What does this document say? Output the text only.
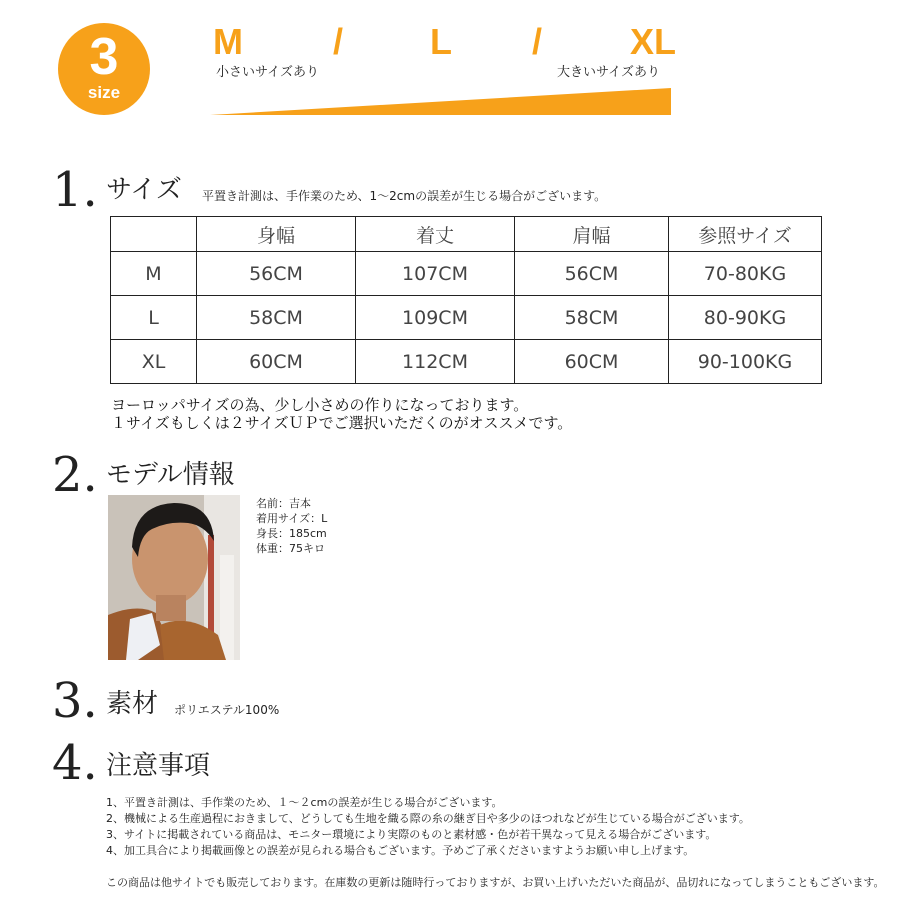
3
size
M	/ L / XL
小さいサイズあり	大きいサイズあり
1. サイズ 平置き計測は、手作業のため、1～2cmの誤差が生じる場合がございます。
	身幅	着丈	肩幅	参照サイズ
M	56CM	107CM	56CM	70-80KG
L	58CM	109CM	58CM	80-90KG
XL	60CM	112CM	60CM	90-100KG
ヨーロッパサイズの為、少し小さめの作りになっております。
１サイズもしくは２サイズＵＰでご選択いただくのがオススメです。
2. モデル情報
名前：吉本
着用サイズ：L
身長：185cm
体重：75キロ
3. 素材 ポリエステル100%
4. 注意事項
1、平置き計測は、手作業のため、１～２cmの誤差が生じる場合がございます。
2、機械による生産過程におきまして、どうしても生地を織る際の糸の継ぎ目や多少のほつれなどが生じている場合がございます。
3、サイトに掲載されている商品は、モニター環境により実際のものと素材感・色が若干異なって見える場合がございます。
4、加工具合により掲載画像との誤差が見られる場合もございます。予めご了承くださいますようお願い申し上げます。
この商品は他サイトでも販売しております。在庫数の更新は随時行っておりますが、お買い上げいただいた商品が、品切れになってしまうこともございます。
